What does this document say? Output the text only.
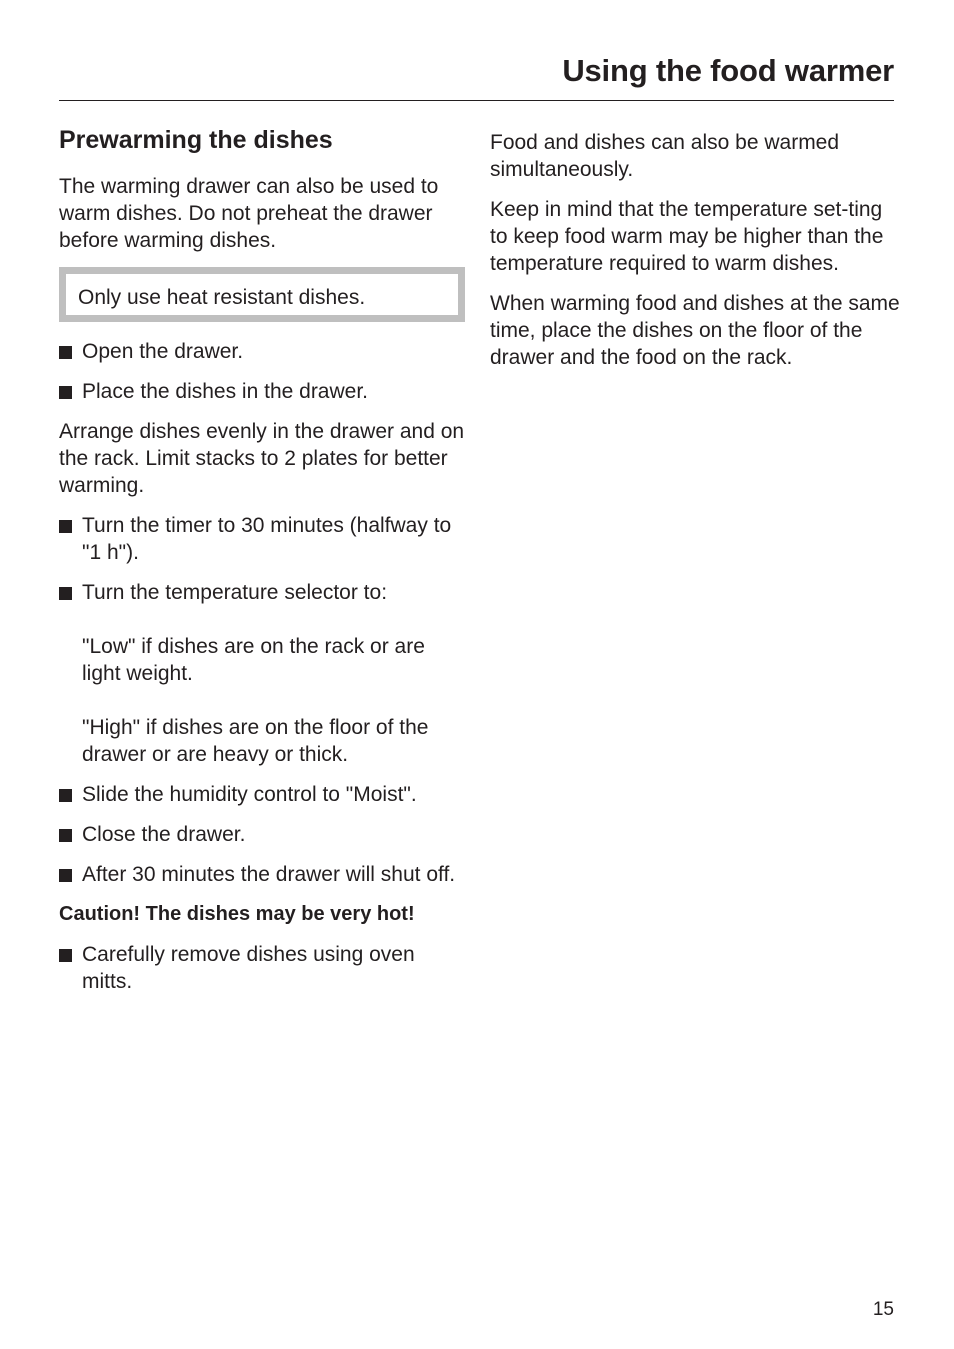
Using the food warmer
Prewarming the dishes

The warming drawer can also be used to warm dishes. Do not preheat the drawer before warming dishes.

Only use heat resistant dishes.

Open the drawer.
Place the dishes in the drawer.

Arrange dishes evenly in the drawer and on the rack. Limit stacks to 2 plates for better warming.

Turn the timer to 30 minutes (halfway to "1 h").
Turn the temperature selector to:
"Low" if dishes are on the rack or are light weight.
"High" if dishes are on the floor of the drawer or are heavy or thick.
Slide the humidity control to "Moist".
Close the drawer.
After 30 minutes the drawer will shut off.

Caution! The dishes may be very hot!

Carefully remove dishes using oven mitts.

Food and dishes can also be warmed simultaneously.

Keep in mind that the temperature set-ting to keep food warm may be higher than the temperature required to warm dishes.

When warming food and dishes at the same time, place the dishes on the floor of the drawer and the food on the rack.

15
